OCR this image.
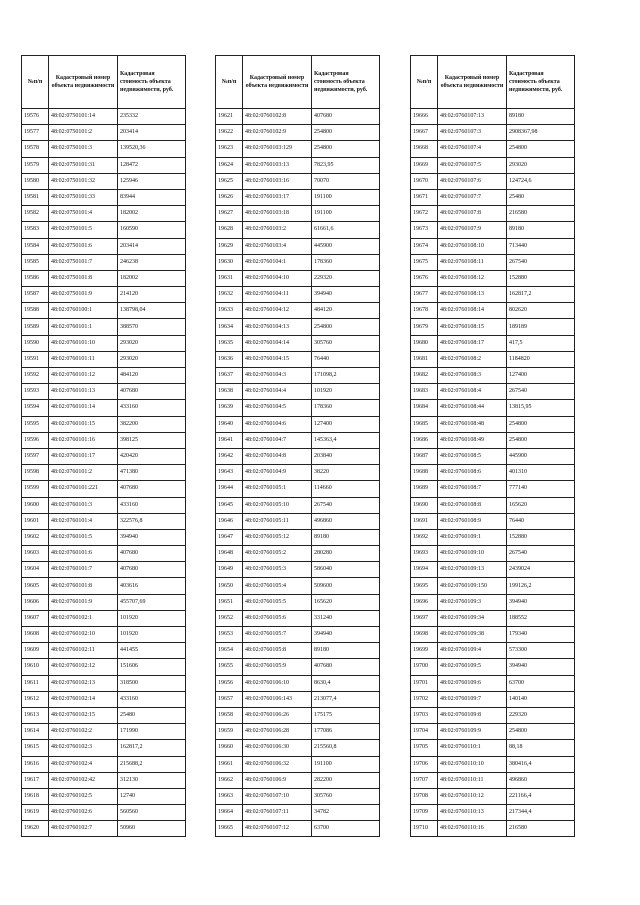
№п/п	Кадастровый номер объекта недвижимости	Кадастровая стоимость объекта недвижимости, руб.
19576	48:02:0750101:14	235332
19577	48:02:0750101:2	203414
19578	48:02:0750101:3	139520,36
19579	48:02:0750101:31	128472
19580	48:02:0750101:32	125946
19581	48:02:0750101:33	83944
19582	48:02:0750101:4	182002
19583	48:02:0750101:5	160590
19584	48:02:0750101:6	203414
19585	48:02:0750101:7	246238
19586	48:02:0750101:8	182002
19587	48:02:0750101:9	214120
19588	48:02:0760100:1	138798,04
19589	48:02:0760101:1	388570
19590	48:02:0760101:10	293020
19591	48:02:0760101:11	293020
19592	48:02:0760101:12	484120
19593	48:02:0760101:13	407680
19594	48:02:0760101:14	433160
19595	48:02:0760101:15	382200
19596	48:02:0760101:16	398125
19597	48:02:0760101:17	420420
19598	48:02:0760101:2	471380
19599	48:02:0760101:221	407680
19600	48:02:0760101:3	433160
19601	48:02:0760101:4	322576,8
19602	48:02:0760101:5	394940
19603	48:02:0760101:6	407680
19604	48:02:0760101:7	407680
19605	48:02:0760101:8	403616
19606	48:02:0760101:9	455707,69
19607	48:02:0760102:1	101920
19608	48:02:0760102:10	101920
19609	48:02:0760102:11	441455
19610	48:02:0760102:12	151606
19611	48:02:0760102:13	318500
19612	48:02:0760102:14	433160
19613	48:02:0760102:15	25480
19614	48:02:0760102:2	171990
19615	48:02:0760102:3	162817,2
19616	48:02:0760102:4	215688,2
19617	48:02:0760102:42	312130
19618	48:02:0760102:5	12740
19619	48:02:0760102:6	560560
19620	48:02:0760102:7	50960
№п/п	Кадастровый номер объекта недвижимости	Кадастровая стоимость объекта недвижимости, руб.
19621	48:02:0760102:8	407680
19622	48:02:0760102:9	254800
19623	48:02:0760103:129	254800
19624	48:02:0760103:13	7823,95
19625	48:02:0760103:16	70070
19626	48:02:0760103:17	191100
19627	48:02:0760103:18	191100
19628	48:02:0760103:2	61661,6
19629	48:02:0760103:4	445900
19630	48:02:0760104:1	178360
19631	48:02:0760104:10	229320
19632	48:02:0760104:11	394940
19633	48:02:0760104:12	484120
19634	48:02:0760104:13	254800
19635	48:02:0760104:14	305760
19636	48:02:0760104:15	76440
19637	48:02:0760104:3	171098,2
19638	48:02:0760104:4	101920
19639	48:02:0760104:5	178360
19640	48:02:0760104:6	127400
19641	48:02:0760104:7	145363,4
19642	48:02:0760104:8	203840
19643	48:02:0760104:9	38220
19644	48:02:0760105:1	114660
19645	48:02:0760105:10	267540
19646	48:02:0760105:11	496860
19647	48:02:0760105:12	89180
19648	48:02:0760105:2	280280
19649	48:02:0760105:3	586040
19650	48:02:0760105:4	509600
19651	48:02:0760105:5	165620
19652	48:02:0760105:6	331240
19653	48:02:0760105:7	394940
19654	48:02:0760105:8	89180
19655	48:02:0760105:9	407680
19656	48:02:0760106:10	8630,4
19657	48:02:0760106:143	213077,4
19658	48:02:0760106:26	175175
19659	48:02:0760106:28	177086
19660	48:02:0760106:30	215560,8
19661	48:02:0760106:32	191100
19662	48:02:0760106:9	282200
19663	48:02:0760107:10	305760
19664	48:02:0760107:11	34782
19665	48:02:0760107:12	63700
№п/п	Кадастровый номер объекта недвижимости	Кадастровая стоимость объекта недвижимости, руб.
19666	48:02:0760107:13	89180
19667	48:02:0760107:3	2908367,98
19668	48:02:0760107:4	254800
19669	48:02:0760107:5	293020
19670	48:02:0760107:6	124724,6
19671	48:02:0760107:7	25480
19672	48:02:0760107:8	216580
19673	48:02:0760107:9	89180
19674	48:02:0760108:10	713440
19675	48:02:0760108:11	267540
19676	48:02:0760108:12	152880
19677	48:02:0760108:13	162817,2
19678	48:02:0760108:14	802620
19679	48:02:0760108:15	189189
19680	48:02:0760108:17	417,5
19681	48:02:0760108:2	1184820
19682	48:02:0760108:3	127400
19683	48:02:0760108:4	267540
19684	48:02:0760108:44	13815,95
19685	48:02:0760108:48	254800
19686	48:02:0760108:49	254800
19687	48:02:0760108:5	445900
19688	48:02:0760108:6	401310
19689	48:02:0760108:7	777140
19690	48:02:0760108:8	165620
19691	48:02:0760108:9	76440
19692	48:02:0760109:1	152880
19693	48:02:0760109:10	267540
19694	48:02:0760109:13	2439024
19695	48:02:0760109:150	199126,2
19696	48:02:0760109:3	394940
19697	48:02:0760109:34	188552
19698	48:02:0760109:38	179340
19699	48:02:0760109:4	573300
19700	48:02:0760109:5	394940
19701	48:02:0760109:6	63700
19702	48:02:0760109:7	140140
19703	48:02:0760109:8	229320
19704	48:02:0760109:9	254800
19705	48:02:0760110:1	88,18
19706	48:02:0760110:10	380416,4
19707	48:02:0760110:11	496860
19708	48:02:0760110:12	221166,4
19709	48:02:0760110:13	217344,4
19710	48:02:0760110:16	216580
